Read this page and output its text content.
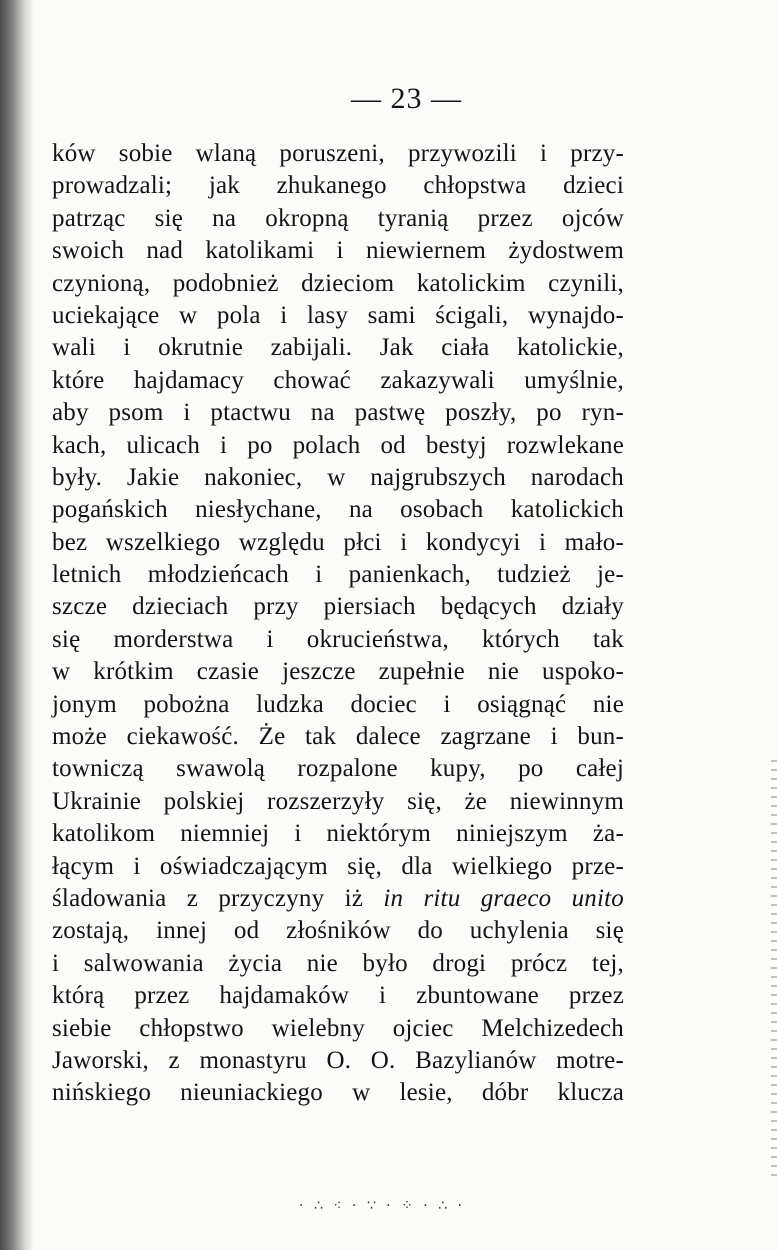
— 23 —
ków sobie wlaną poruszeni, przywozili i przy-
prowadzali; jak zhukanego chłopstwa dzieci
patrząc się na okropną tyranią przez ojców
swoich nad katolikami i niewiernem żydostwem
czynioną, podobnież dzieciom katolickim czynili,
uciekające w pola i lasy sami ścigali, wynajdo-
wali i okrutnie zabijali. Jak ciała katolickie,
które hajdamacy chować zakazywali umyślnie,
aby psom i ptactwu na pastwę poszły, po ryn-
kach, ulicach i po polach od bestyj rozwlekane
były. Jakie nakoniec, w najgrubszych narodach
pogańskich niesłychane, na osobach katolickich
bez wszelkiego względu płci i kondycyi i mało-
letnich młodzieńcach i panienkach, tudzież je-
szcze dzieciach przy piersiach będących działy
się morderstwa i okrucieństwa, których tak
w krótkim czasie jeszcze zupełnie nie uspoko-
jonym pobożna ludzka dociec i osiągnąć nie
może ciekawość. Że tak dalece zagrzane i bun-
towniczą swawolą rozpalone kupy, po całej
Ukrainie polskiej rozszerzyły się, że niewinnym
katolikom niemniej i niektórym niniejszym ża-
łącym i oświadczającym się, dla wielkiego prze-
śladowania z przyczyny iż in ritu graeco unito
zostają, innej od złośników do uchylenia się
i salwowania życia nie było drogi prócz tej,
którą przez hajdamaków i zbuntowane przez
siebie chłopstwo wielebny ojciec Melchizedech
Jaworski, z monastyru O. O. Bazylianów motre-
nińskiego nieuniackiego w lesie, dóbr klucza
· ∴ ⁖ · ∵ · ⁘ · ∴ ·
